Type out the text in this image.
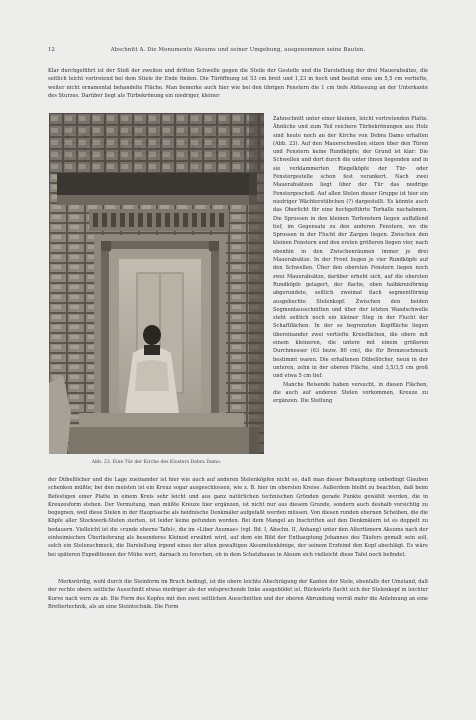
12	Abschnitt A. Die Monumente Aksums und seiner Umgebung, ausgenommen seine Bauten.

Klar durchgeführt ist der Stoß der zweiten und dritten Schwelle gegen die Steile der Gestelle und die Darstellung der drei Mauerabsätze, die seitlich leicht vortretend bei dem Stiele ihr Ende finden. Die Türöffnung ist 53 cm breit und 1,23 m hoch und besitzt eine um 5,5 cm vertiefte, weiter nicht ornamental behandelte Fläche. Man bemerke auch hier wie bei den übrigen Fenstern die 1 cm tiefe Abfassung an der Unterkante des Sturzes. Darüber liegt als Türbekrönung ein niedriger, kleiner

Abb. 23. Eine Tür der Kirche des Klosters Debra Damo.

Zahnschnitt unter einer kleinen, leicht vortretenden Platte. Ähnliche und zum Teil reichere Türbekrönungen aus Holz sind heute noch an der Kirche von Debra Damo erhalten (Abb. 23). Auf den Mauerschwellen sitzen über den Türen und Fenstern keine Rundköpfe; der Grund ist klar: Die Schwellen und dort durch die unter ihnen liegenden und in sie verklammerten Riegelköpfe der Tür- oder Fenstergestelle schon fest verankert. Nach zwei Mauerabsätzen liegt über der Tür das niedrige Fenstergeschoß. Auf allen Stelen dieser Gruppe ist hier ein niedriger Wächterstübchen (?) dargestellt. Es könnte auch das Oberlicht für eine hochgeführte Torhalle nachahmen. Die Sprossen in den kleinen Torfenstern liegen auffallend tief, im Gegensatz zu den anderen Fenstern, wo die Sprossen in der Flucht der Zargen liegen. Zwischen den kleinen Fenstern und den ersten größeren liegen vier, nach obenhin in den Zwischenräumen immer je drei Mauerabsätze. In der Front liegen je vier Rundköpfe auf den Schwellen. Über den obersten Fenstern liegen noch zwei Mauerabsätze, darüber erhebt sich, auf die obersten Rundköpfe gelagert, der flache, oben halbkreisförmig abgerundete, seitlich zweimal flach segmentförmig ausgebuchte Stelenkopf. Zwischen den beiden Segmentausschnitten und über der letzten Wandschwelle steht seitlich noch ein kleiner Steg in der Flucht der Schaftflächen. In der so begrenzten Kopffläche liegen übereinander zwei vertiefte Kreisflächen, die obere mit einem kleineren, die untere mit einem größeren Durchmesser (63 bezw. 80 cm), die für Bronzeschmuck bestimmt waren. Die erhaltenen Dübellöcher, neun in der unteren, zehn in der oberen Fläche, sind 3,5/3,5 cm groß und etwa 5 cm tief.
Manche Reisende haben versucht, in diesen Flächen, die auch auf anderen Stelen vorkommen, Kreuze zu ergänzen. Die Stellung

der Dübellöcher und die Lage zueinander ist hier wie auch auf anderen Stelenköpfen nicht so, daß man dieser Behauptung unbedingt Glauben schenken müßte; bei den meisten ist ein Kreuz sogar ausgeschlossen, wie z. B. hier im obersten Kreise. Außerdem bleibt zu beachten, daß beim Befestigen einer Platte in einem Kreis sehr leicht und aus ganz natürlichen technischen Gründen gerade Punkte gewählt werden, die in Kreuzesform stehen. Der Vermutung, man müßte Kreuze hier ergänzen, ist nicht nur aus diesem Grunde, sondern auch deshalb vorsichtig zu begegnen, weil diese Stelen in der Hauptsache als heidnische Denkmäler aufgefaßt werden müssen. Von diesen runden ehernen Scheiben, die die Köpfe aller Stockwerk-Stelen zierten, ist leider keine gefunden worden. Bei dem Mangel an Inschriften auf den Denkmälern ist es doppelt zu bedauern. Vielleicht ist die »runde eherne Tafel«, die im »Liber Axumae« (vgl. Bd. I, Abschn. II, Anhang) unter den Altertümern Aksums nach der einheimischen Überlieferung als besonderes Kleinod erwähnt wird, auf dem ein Bild der Enthauptung Johannes des Täufers gemalt sein soll, solch ein Stelenschmuck, die Darstellung irgend eines der alten gewaltigen Aksumitenkönige, der seinem Erzfeind den Kopf abschlägt. Es wäre bei späteren Expeditionen der Mühe wert, darnach zu forschen, ob in dem Schatzhause in Aksum sich vielleicht diese Tafel noch befindet.

Merkwürdig, wohl durch die Steinform im Bruch bedingt, ist die obere leichte Abschrägung der Kanten der Stele, ebenfalls der Umstand, daß der rechte obere seitliche Ausschnitt etwas niedriger als der entsprechende linke ausgebildet ist. Rückwärts flacht sich der Stelenkopf in leichter Kurve nach vorn zu ab. Die Form des Kopfes mit den zwei seitlichen Ausschnitten und der oberen Abrundung verrät mehr die Anlehnung an eine Brettertechnik, als an eine Steintechnik. Die Form
